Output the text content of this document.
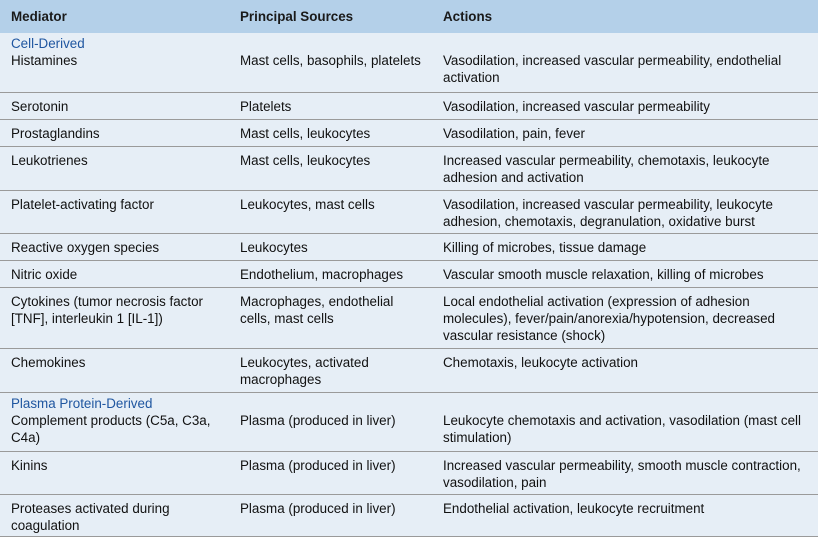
Mediator	Principal Sources	Actions

Cell-Derived
Histamines	Mast cells, basophils, platelets	Vasodilation, increased vascular permeability, endothelial activation
Serotonin	Platelets	Vasodilation, increased vascular permeability
Prostaglandins	Mast cells, leukocytes	Vasodilation, pain, fever
Leukotrienes	Mast cells, leukocytes	Increased vascular permeability, chemotaxis, leukocyte adhesion and activation
Platelet-activating factor	Leukocytes, mast cells	Vasodilation, increased vascular permeability, leukocyte adhesion, chemotaxis, degranulation, oxidative burst
Reactive oxygen species	Leukocytes	Killing of microbes, tissue damage
Nitric oxide	Endothelium, macrophages	Vascular smooth muscle relaxation, killing of microbes
Cytokines (tumor necrosis factor [TNF], interleukin 1 [IL-1])	Macrophages, endothelial cells, mast cells	Local endothelial activation (expression of adhesion molecules), fever/pain/anorexia/hypotension, decreased vascular resistance (shock)
Chemokines	Leukocytes, activated macrophages	Chemotaxis, leukocyte activation

Plasma Protein-Derived
Complement products (C5a, C3a, C4a)	Plasma (produced in liver)	Leukocyte chemotaxis and activation, vasodilation (mast cell stimulation)
Kinins	Plasma (produced in liver)	Increased vascular permeability, smooth muscle contraction, vasodilation, pain
Proteases activated during coagulation	Plasma (produced in liver)	Endothelial activation, leukocyte recruitment
